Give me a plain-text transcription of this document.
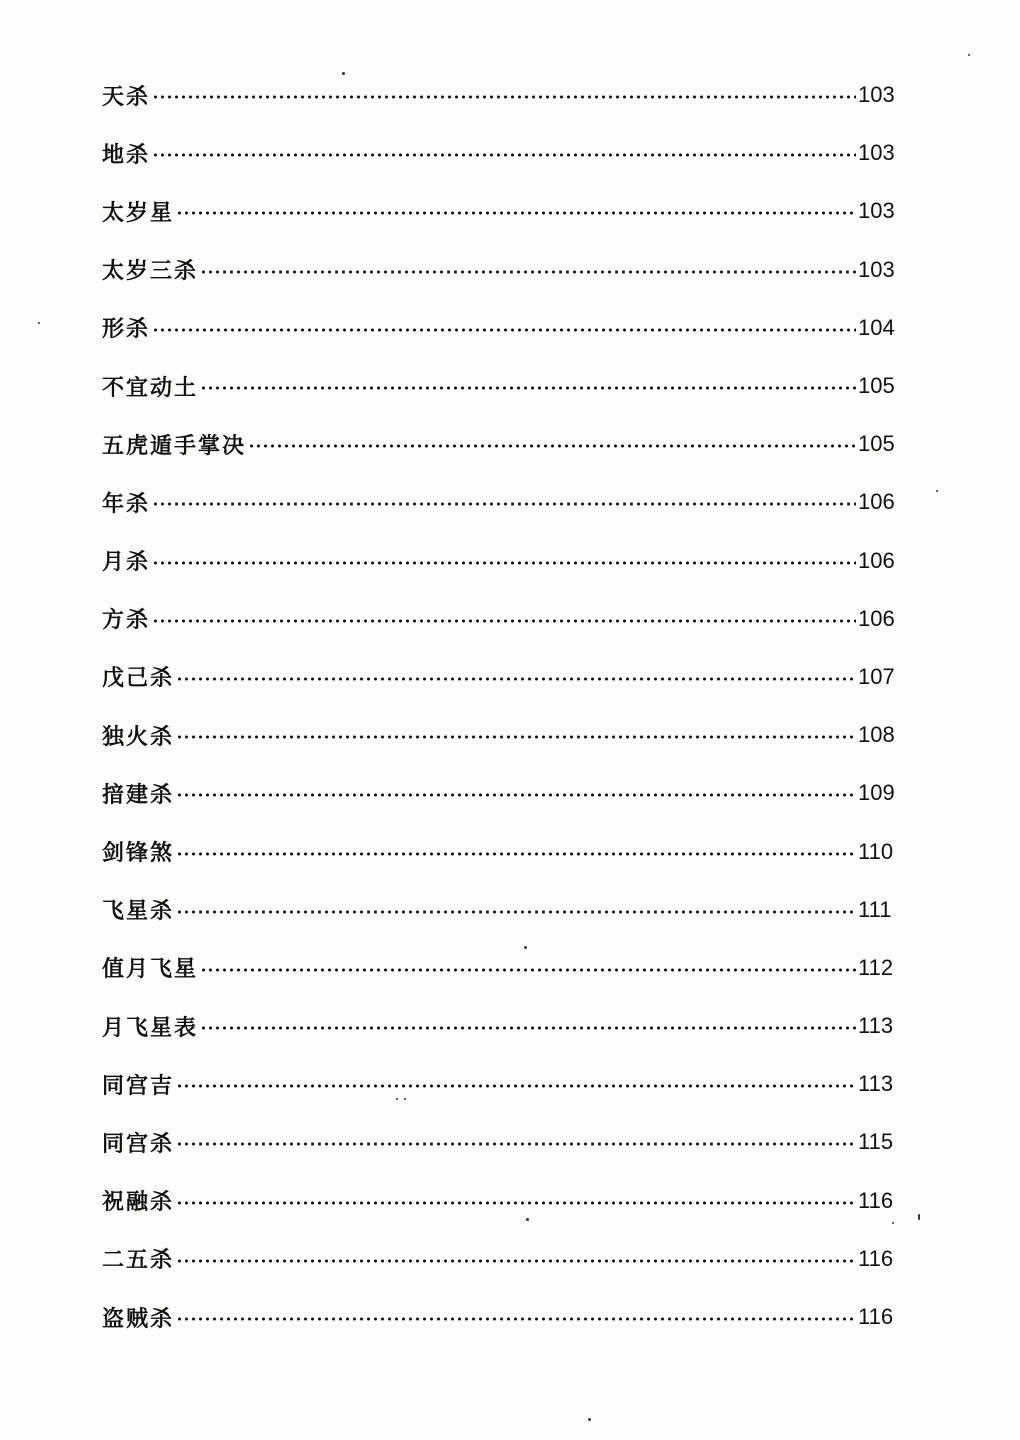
天杀	103
地杀	103
太岁星	103
太岁三杀	103
形杀	104
不宜动土	105
五虎遁手掌决	105
年杀	106
月杀	106
方杀	106
戊己杀	107
独火杀	108
揞建杀	109
剑锋煞	110
飞星杀	111
值月飞星	112
月飞星表	113
同宫吉	113
同宫杀	115
祝融杀	116
二五杀	116
盗贼杀	116
